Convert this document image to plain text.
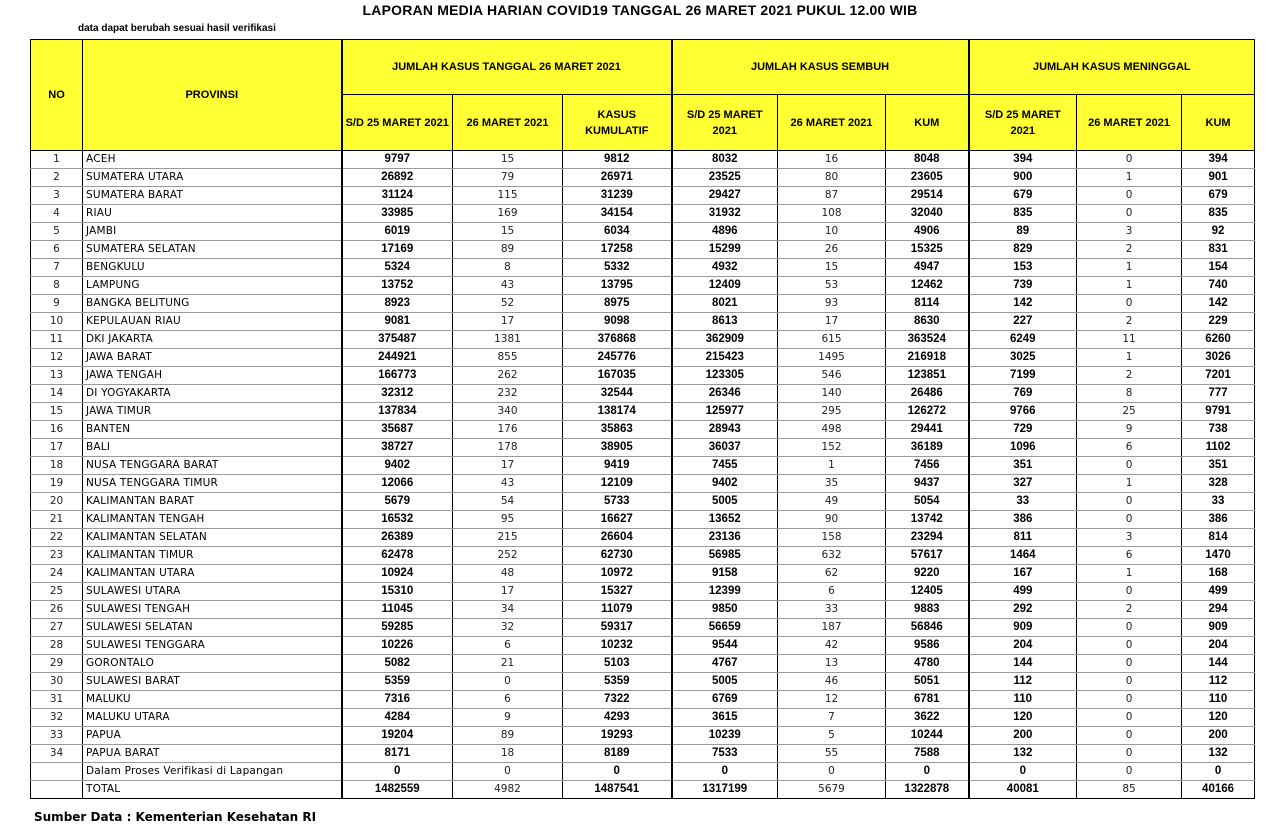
LAPORAN MEDIA HARIAN COVID19 TANGGAL 26 MARET 2021 PUKUL 12.00 WIB
data dapat berubah sesuai hasil verifikasi
NO	PROVINSI	JUMLAH KASUS TANGGAL 26 MARET 2021			JUMLAH KASUS SEMBUH			JUMLAH KASUS MENINGGAL		
		S/D 25 MARET 2021	26 MARET 2021	KASUS KUMULATIF	S/D 25 MARET 2021	26 MARET 2021	KUM	S/D 25 MARET 2021	26 MARET 2021	KUM
1	ACEH	9797	15	9812	8032	16	8048	394	0	394
2	SUMATERA UTARA	26892	79	26971	23525	80	23605	900	1	901
3	SUMATERA BARAT	31124	115	31239	29427	87	29514	679	0	679
4	RIAU	33985	169	34154	31932	108	32040	835	0	835
5	JAMBI	6019	15	6034	4896	10	4906	89	3	92
6	SUMATERA SELATAN	17169	89	17258	15299	26	15325	829	2	831
7	BENGKULU	5324	8	5332	4932	15	4947	153	1	154
8	LAMPUNG	13752	43	13795	12409	53	12462	739	1	740
9	BANGKA BELITUNG	8923	52	8975	8021	93	8114	142	0	142
10	KEPULAUAN RIAU	9081	17	9098	8613	17	8630	227	2	229
11	DKI JAKARTA	375487	1381	376868	362909	615	363524	6249	11	6260
12	JAWA BARAT	244921	855	245776	215423	1495	216918	3025	1	3026
13	JAWA TENGAH	166773	262	167035	123305	546	123851	7199	2	7201
14	DI YOGYAKARTA	32312	232	32544	26346	140	26486	769	8	777
15	JAWA TIMUR	137834	340	138174	125977	295	126272	9766	25	9791
16	BANTEN	35687	176	35863	28943	498	29441	729	9	738
17	BALI	38727	178	38905	36037	152	36189	1096	6	1102
18	NUSA TENGGARA BARAT	9402	17	9419	7455	1	7456	351	0	351
19	NUSA TENGGARA TIMUR	12066	43	12109	9402	35	9437	327	1	328
20	KALIMANTAN BARAT	5679	54	5733	5005	49	5054	33	0	33
21	KALIMANTAN TENGAH	16532	95	16627	13652	90	13742	386	0	386
22	KALIMANTAN SELATAN	26389	215	26604	23136	158	23294	811	3	814
23	KALIMANTAN TIMUR	62478	252	62730	56985	632	57617	1464	6	1470
24	KALIMANTAN UTARA	10924	48	10972	9158	62	9220	167	1	168
25	SULAWESI UTARA	15310	17	15327	12399	6	12405	499	0	499
26	SULAWESI TENGAH	11045	34	11079	9850	33	9883	292	2	294
27	SULAWESI SELATAN	59285	32	59317	56659	187	56846	909	0	909
28	SULAWESI TENGGARA	10226	6	10232	9544	42	9586	204	0	204
29	GORONTALO	5082	21	5103	4767	13	4780	144	0	144
30	SULAWESI BARAT	5359	0	5359	5005	46	5051	112	0	112
31	MALUKU	7316	6	7322	6769	12	6781	110	0	110
32	MALUKU UTARA	4284	9	4293	3615	7	3622	120	0	120
33	PAPUA	19204	89	19293	10239	5	10244	200	0	200
34	PAPUA BARAT	8171	18	8189	7533	55	7588	132	0	132
	Dalam Proses Verifikasi di Lapangan	0	0	0	0	0	0	0	0	0
	TOTAL	1482559	4982	1487541	1317199	5679	1322878	40081	85	40166
Sumber Data : Kementerian Kesehatan RI
